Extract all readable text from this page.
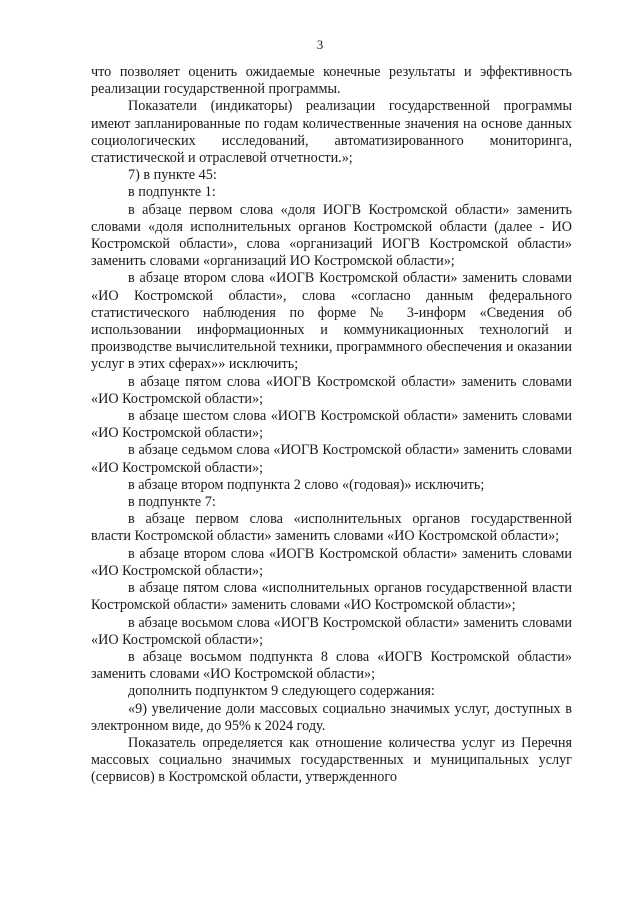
3

что позволяет оценить ожидаемые конечные результаты и эффективность реализации государственной программы.

Показатели (индикаторы) реализации государственной программы имеют запланированные по годам количественные значения на основе данных социологических исследований, автоматизированного мониторинга, статистической и отраслевой отчетности.»;

7) в пункте 45:

в подпункте 1:

в абзаце первом слова «доля ИОГВ Костромской области» заменить словами «доля исполнительных органов Костромской области (далее - ИО Костромской области», слова «организаций ИОГВ Костромской области» заменить словами «организаций ИО Костромской области»;

в абзаце втором слова «ИОГВ Костромской области» заменить словами «ИО Костромской области», слова «согласно данным федерального статистического наблюдения по форме № 3-информ «Сведения об использовании информационных и коммуникационных технологий и производстве вычислительной техники, программного обеспечения и оказании услуг в этих сферах»» исключить;

в абзаце пятом слова «ИОГВ Костромской области» заменить словами «ИО Костромской области»;

в абзаце шестом слова «ИОГВ Костромской области» заменить словами «ИО Костромской области»;

в абзаце седьмом слова «ИОГВ Костромской области» заменить словами «ИО Костромской области»;

в абзаце втором подпункта 2 слово «(годовая)» исключить;

в подпункте 7:

в абзаце первом слова «исполнительных органов государственной власти Костромской области» заменить словами «ИО Костромской области»;

в абзаце втором слова «ИОГВ Костромской области» заменить словами «ИО Костромской области»;

в абзаце пятом слова «исполнительных органов государственной власти Костромской области» заменить словами «ИО Костромской области»;

в абзаце восьмом слова «ИОГВ Костромской области» заменить словами «ИО Костромской области»;

в абзаце восьмом подпункта 8 слова «ИОГВ Костромской области» заменить словами «ИО Костромской области»;

дополнить подпунктом 9 следующего содержания:

«9) увеличение доли массовых социально значимых услуг, доступных в электронном виде, до 95% к 2024 году.

Показатель определяется как отношение количества услуг из Перечня массовых социально значимых государственных и муниципальных услуг (сервисов) в Костромской области, утвержденного
